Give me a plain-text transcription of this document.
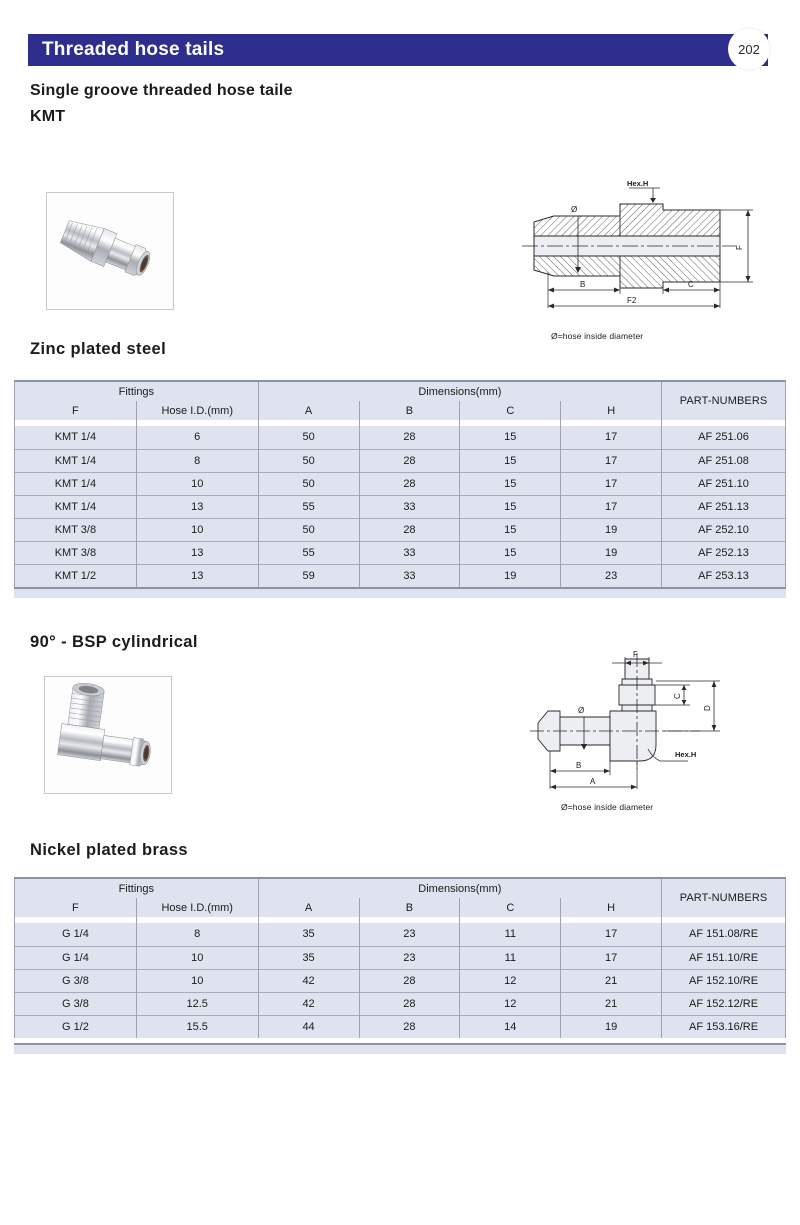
Threaded hose tails	202
Single groove threaded hose taile
KMT
Zinc plated steel
Hex.H
Ø
B	C
F2
F
Ø=hose inside diameter
Fittings		Dimensions(mm)				PART-NUMBERS
F	Hose I.D.(mm)	A	B	C	H	

KMT 1/4	6	50	28	15	17	AF 251.06
KMT 1/4	8	50	28	15	17	AF 251.08
KMT 1/4	10	50	28	15	17	AF 251.10
KMT 1/4	13	55	33	15	17	AF 251.13
KMT 3/8	10	50	28	15	19	AF 252.10
KMT 3/8	13	55	33	15	19	AF 252.13
KMT 1/2	13	59	33	19	23	AF 253.13
90° - BSP cylindrical
F
C
D
Ø
Hex.H
B
A
Ø=hose inside diameter
Nickel plated brass
Fittings		Dimensions(mm)				PART-NUMBERS
F	Hose I.D.(mm)	A	B	C	H	

G 1/4	8	35	23	11	17	AF 151.08/RE
G 1/4	10	35	23	11	17	AF 151.10/RE
G 3/8	10	42	28	12	21	AF 152.10/RE
G 3/8	12.5	42	28	12	21	AF 152.12/RE
G 1/2	15.5	44	28	14	19	AF 153.16/RE
